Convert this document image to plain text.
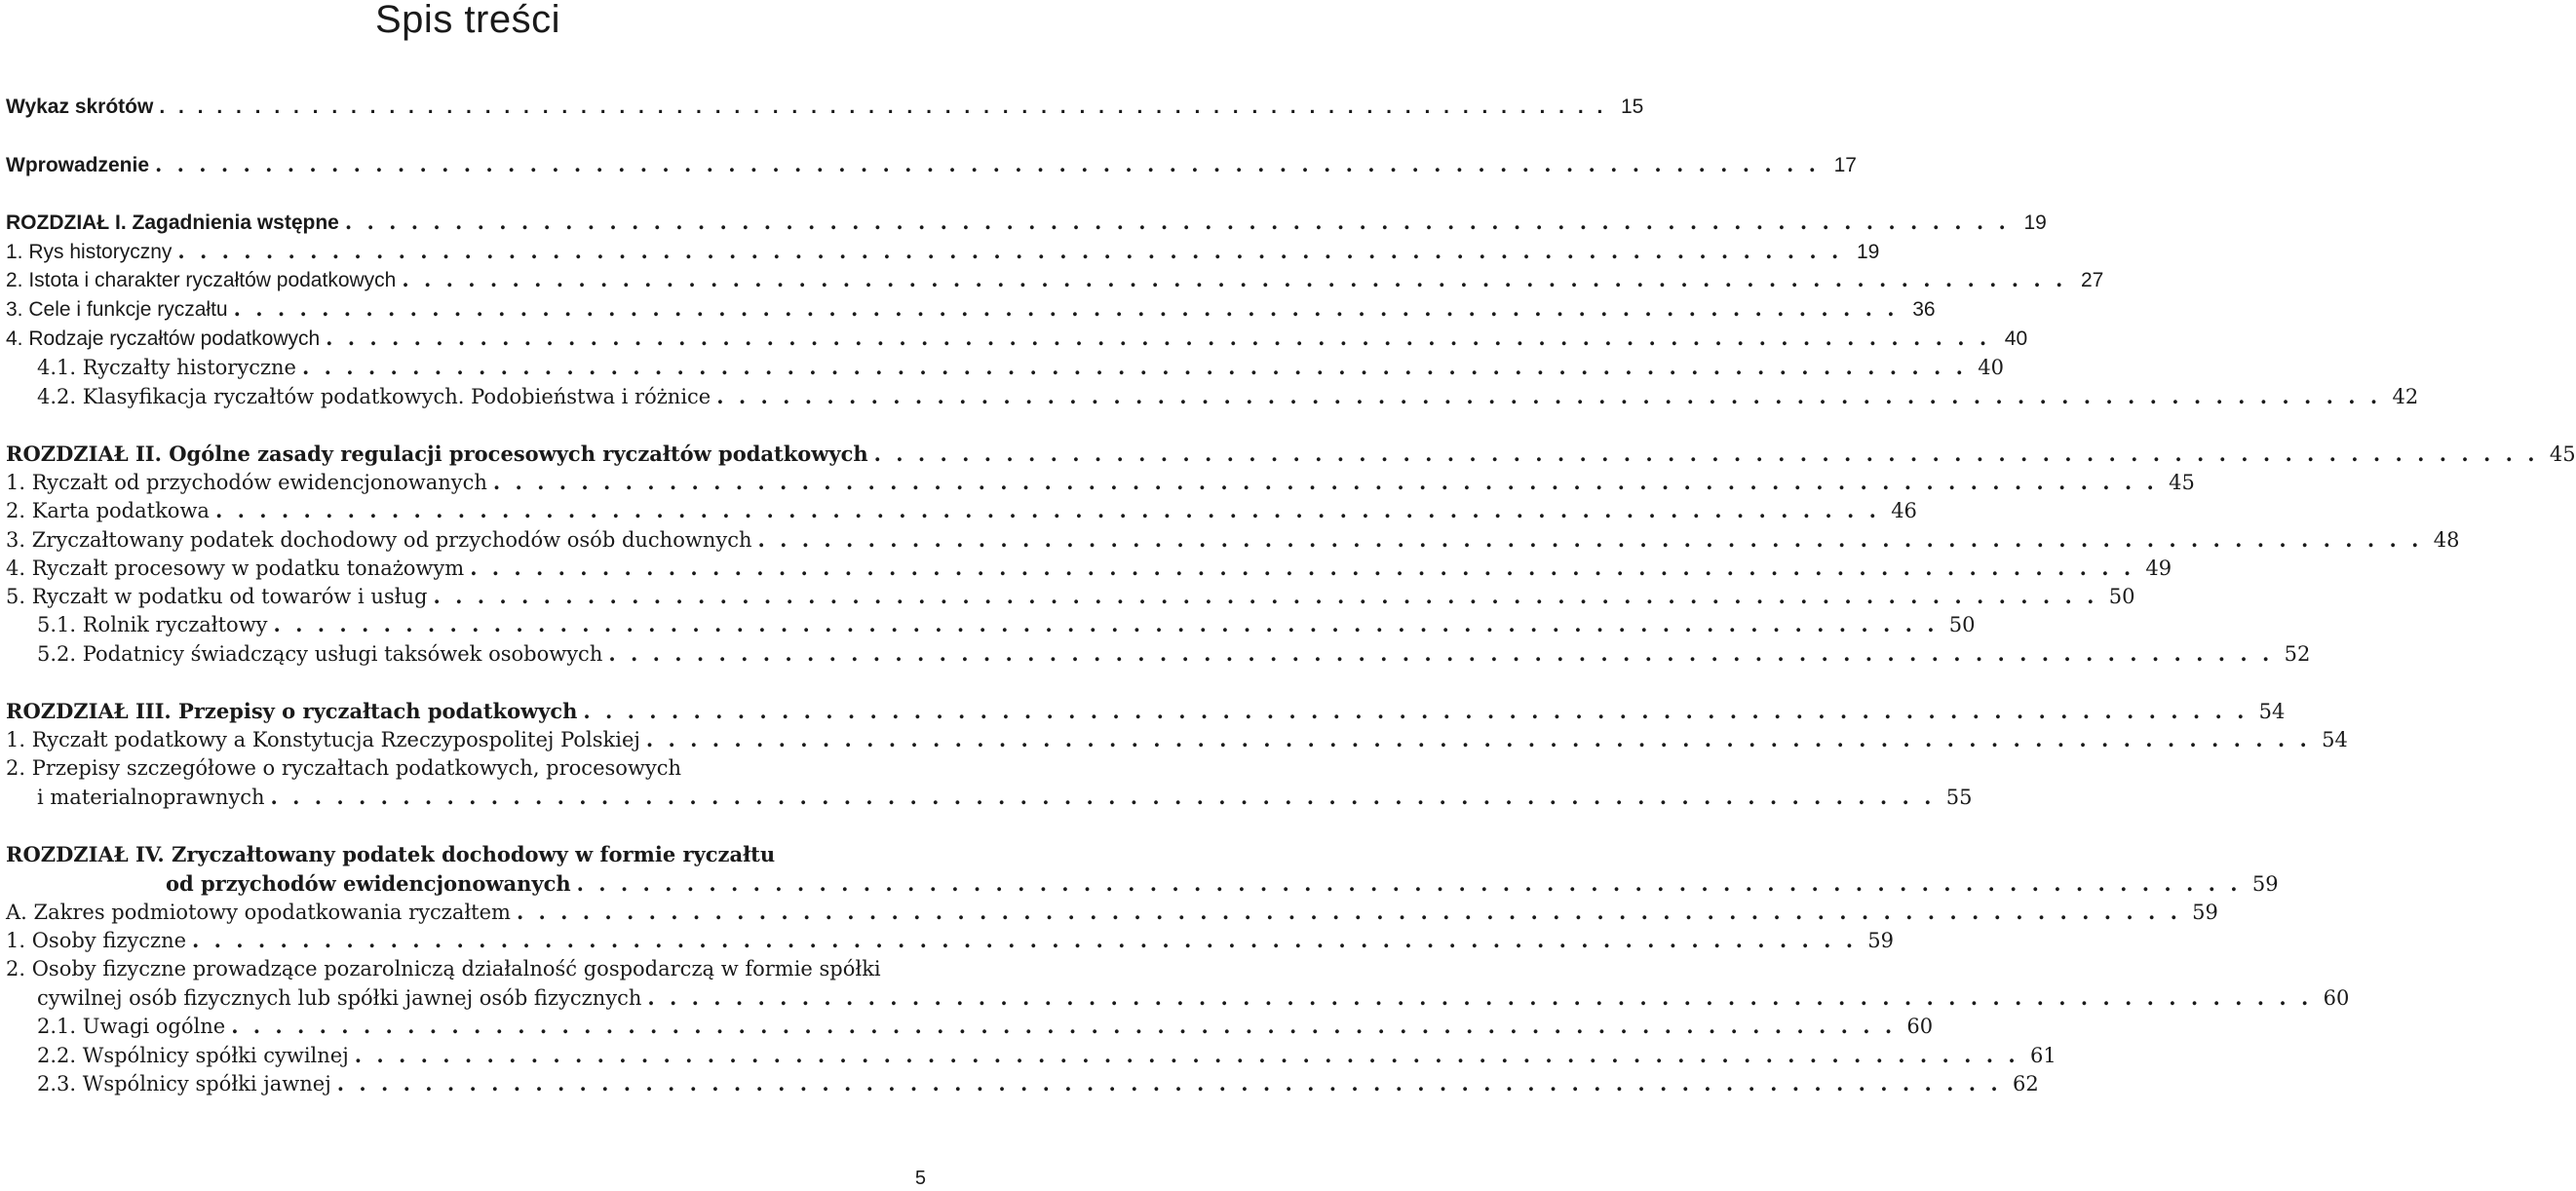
Spis treści
Wykaz skrótów . . . . . . . . . . . . . . . . . . . . . . . . . . . . . . . . . . . . . . . . . . . . . . . . . . . . . . . . . . . . . . . . . . . . . . . . . . . . 15
Wprowadzenie . . . . . . . . . . . . . . . . . . . . . . . . . . . . . . . . . . . . . . . . . . . . . . . . . . . . . . . . . . . . . . . . . . . . . . . . . . . . 17
ROZDZIAŁ I. Zagadnienia wstępne . . . . . . . . . . . . . . . . . . . . . . . . . . . . . . . . . . . . . . . . . . . . . . . . . . . . . . . . . . . . . . . . . . . . . . . . . . . . 19
1. Rys historyczny . . . . . . . . . . . . . . . . . . . . . . . . . . . . . . . . . . . . . . . . . . . . . . . . . . . . . . . . . . . . . . . . . . . . . . . . . . . . 19
2. Istota i charakter ryczałtów podatkowych . . . . . . . . . . . . . . . . . . . . . . . . . . . . . . . . . . . . . . . . . . . . . . . . . . . . . . . . . . . . . . . . . . . . . . . . . . . . 27
3. Cele i funkcje ryczałtu . . . . . . . . . . . . . . . . . . . . . . . . . . . . . . . . . . . . . . . . . . . . . . . . . . . . . . . . . . . . . . . . . . . . . . . . . . . . 36
4. Rodzaje ryczałtów podatkowych . . . . . . . . . . . . . . . . . . . . . . . . . . . . . . . . . . . . . . . . . . . . . . . . . . . . . . . . . . . . . . . . . . . . . . . . . . . . 40
4.1. Ryczałty historyczne . . . . . . . . . . . . . . . . . . . . . . . . . . . . . . . . . . . . . . . . . . . . . . . . . . . . . . . . . . . . . . . . . . . . . . . . . . . . 40
4.2. Klasyfikacja ryczałtów podatkowych. Podobieństwa i różnice . . . . . . . . . . . . . . . . . . . . . . . . . . . . . . . . . . . . . . . . . . . . . . . . . . . . . . . . . . . . . . . . . . . . . . . . . . . . 42
ROZDZIAŁ II. Ogólne zasady regulacji procesowych ryczałtów podatkowych . . . . . . . . . . . . . . . . . . . . . . . . . . . . . . . . . . . . . . . . . . . . . . . . . . . . . . . . . . . . . . . . . . . . . . . . . . . . 45
1. Ryczałt od przychodów ewidencjonowanych . . . . . . . . . . . . . . . . . . . . . . . . . . . . . . . . . . . . . . . . . . . . . . . . . . . . . . . . . . . . . . . . . . . . . . . . . . . . 45
2. Karta podatkowa . . . . . . . . . . . . . . . . . . . . . . . . . . . . . . . . . . . . . . . . . . . . . . . . . . . . . . . . . . . . . . . . . . . . . . . . . . . . 46
3. Zryczałtowany podatek dochodowy od przychodów osób duchownych . . . . . . . . . . . . . . . . . . . . . . . . . . . . . . . . . . . . . . . . . . . . . . . . . . . . . . . . . . . . . . . . . . . . . . . . . . . . 48
4. Ryczałt procesowy w podatku tonażowym . . . . . . . . . . . . . . . . . . . . . . . . . . . . . . . . . . . . . . . . . . . . . . . . . . . . . . . . . . . . . . . . . . . . . . . . . . . . 49
5. Ryczałt w podatku od towarów i usług . . . . . . . . . . . . . . . . . . . . . . . . . . . . . . . . . . . . . . . . . . . . . . . . . . . . . . . . . . . . . . . . . . . . . . . . . . . . 50
5.1. Rolnik ryczałtowy . . . . . . . . . . . . . . . . . . . . . . . . . . . . . . . . . . . . . . . . . . . . . . . . . . . . . . . . . . . . . . . . . . . . . . . . . . . . 50
5.2. Podatnicy świadczący usługi taksówek osobowych . . . . . . . . . . . . . . . . . . . . . . . . . . . . . . . . . . . . . . . . . . . . . . . . . . . . . . . . . . . . . . . . . . . . . . . . . . . . 52
ROZDZIAŁ III. Przepisy o ryczałtach podatkowych . . . . . . . . . . . . . . . . . . . . . . . . . . . . . . . . . . . . . . . . . . . . . . . . . . . . . . . . . . . . . . . . . . . . . . . . . . . . 54
1. Ryczałt podatkowy a Konstytucja Rzeczypospolitej Polskiej . . . . . . . . . . . . . . . . . . . . . . . . . . . . . . . . . . . . . . . . . . . . . . . . . . . . . . . . . . . . . . . . . . . . . . . . . . . . 54
2. Przepisy szczegółowe o ryczałtach podatkowych, procesowych
i materialnoprawnych . . . . . . . . . . . . . . . . . . . . . . . . . . . . . . . . . . . . . . . . . . . . . . . . . . . . . . . . . . . . . . . . . . . . . . . . . . . . 55
ROZDZIAŁ IV. Zryczałtowany podatek dochodowy w formie ryczałtu
od przychodów ewidencjonowanych . . . . . . . . . . . . . . . . . . . . . . . . . . . . . . . . . . . . . . . . . . . . . . . . . . . . . . . . . . . . . . . . . . . . . . . . . . . . 59
A. Zakres podmiotowy opodatkowania ryczałtem . . . . . . . . . . . . . . . . . . . . . . . . . . . . . . . . . . . . . . . . . . . . . . . . . . . . . . . . . . . . . . . . . . . . . . . . . . . . 59
1. Osoby fizyczne . . . . . . . . . . . . . . . . . . . . . . . . . . . . . . . . . . . . . . . . . . . . . . . . . . . . . . . . . . . . . . . . . . . . . . . . . . . . 59
2. Osoby fizyczne prowadzące pozarolniczą działalność gospodarczą w formie spółki
cywilnej osób fizycznych lub spółki jawnej osób fizycznych . . . . . . . . . . . . . . . . . . . . . . . . . . . . . . . . . . . . . . . . . . . . . . . . . . . . . . . . . . . . . . . . . . . . . . . . . . . . 60
2.1. Uwagi ogólne . . . . . . . . . . . . . . . . . . . . . . . . . . . . . . . . . . . . . . . . . . . . . . . . . . . . . . . . . . . . . . . . . . . . . . . . . . . . 60
2.2. Wspólnicy spółki cywilnej . . . . . . . . . . . . . . . . . . . . . . . . . . . . . . . . . . . . . . . . . . . . . . . . . . . . . . . . . . . . . . . . . . . . . . . . . . . . 61
2.3. Wspólnicy spółki jawnej . . . . . . . . . . . . . . . . . . . . . . . . . . . . . . . . . . . . . . . . . . . . . . . . . . . . . . . . . . . . . . . . . . . . . . . . . . . . 62
5
